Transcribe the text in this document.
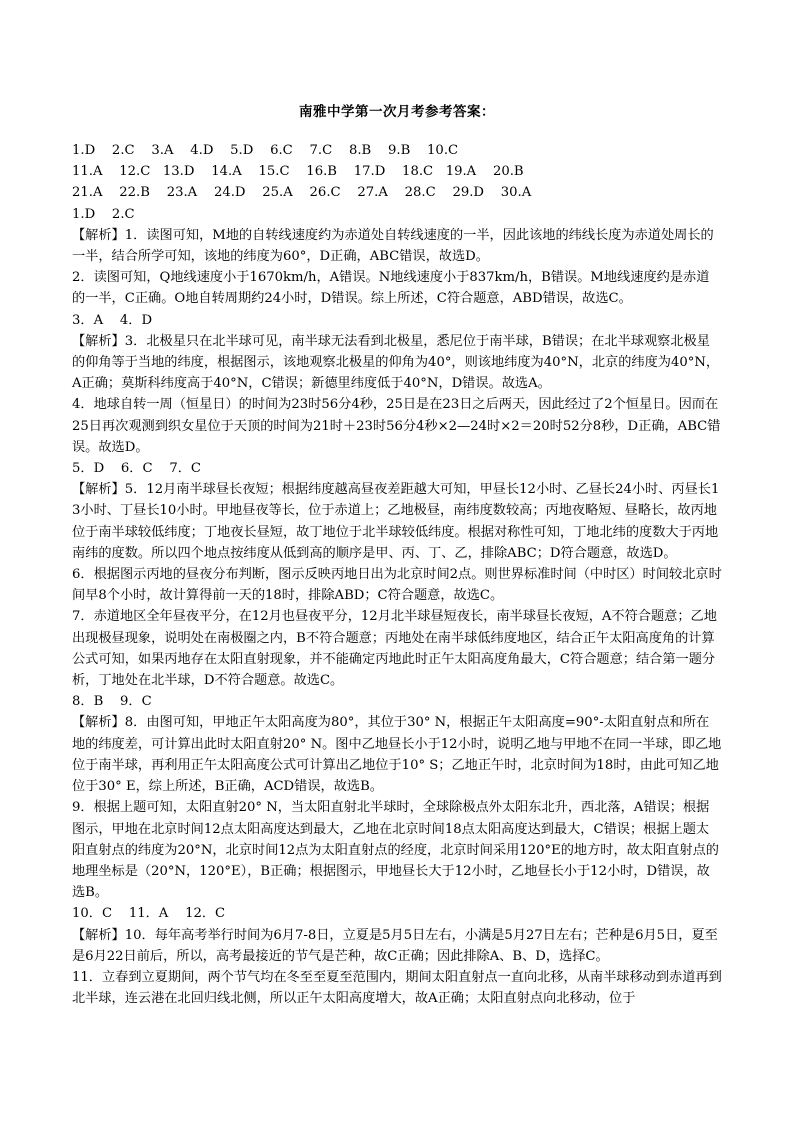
南雅中学第一次月考参考答案：

1.D    2.C    3.A    4.D    5.D    6.C    7.C    8.B    9.B    10.C

11.A    12.C   13.D    14.A    15.C    16.B    17.D    18.C   19.A    20.B

21.A    22.B    23.A    24.D    25.A    26.C    27.A    28.C    29.D    30.A

1.D    2.C

【解析】1．读图可知，M地的自转线速度约为赤道处自转线速度的一半，因此该地的纬线长度为赤道处周长的一半，结合所学可知，该地的纬度为60°，D正确，ABC错误，故选D。

2．读图可知，Q地线速度小于1670km/h，A错误。N地线速度小于837km/h，B错误。M地线速度约是赤道的一半，C正确。O地自转周期约24小时，D错误。综上所述，C符合题意，ABD错误，故选C。

3．A    4．D

【解析】3．北极星只在北半球可见，南半球无法看到北极星，悉尼位于南半球，B错误；在北半球观察北极星的仰角等于当地的纬度，根据图示，该地观察北极星的仰角为40°，则该地纬度为40°N，北京的纬度为40°N，A正确；莫斯科纬度高于40°N，C错误；新德里纬度低于40°N，D错误。故选A。

4．地球自转一周（恒星日）的时间为23时56分4秒，25日是在23日之后两天，因此经过了2个恒星日。因而在25日再次观测到织女星位于天顶的时间为21时＋23时56分4秒×2—24时×2＝20时52分8秒，D正确，ABC错误。故选D。

5．D    6．C    7．C

【解析】5．12月南半球昼长夜短；根据纬度越高昼夜差距越大可知，甲昼长12小时、乙昼长24小时、丙昼长13小时、丁昼长10小时。甲地昼夜等长，位于赤道上；乙地极昼，南纬度数较高；丙地夜略短、昼略长，故丙地位于南半球较低纬度；丁地夜长昼短，故丁地位于北半球较低纬度。根据对称性可知，丁地北纬的度数大于丙地南纬的度数。所以四个地点按纬度从低到高的顺序是甲、丙、丁、乙，排除ABC；D符合题意，故选D。

6．根据图示丙地的昼夜分布判断，图示反映丙地日出为北京时间2点。则世界标准时间（中时区）时间较北京时间早8个小时，故计算得前一天的18时，排除ABD；C符合题意，故选C。

7．赤道地区全年昼夜平分，在12月也昼夜平分，12月北半球昼短夜长，南半球昼长夜短，A不符合题意；乙地出现极昼现象，说明处在南极圈之内，B不符合题意；丙地处在南半球低纬度地区，结合正午太阳高度角的计算公式可知，如果丙地存在太阳直射现象，并不能确定丙地此时正午太阳高度角最大，C符合题意；结合第一题分析，丁地处在北半球，D不符合题意。故选C。

8．B    9．C

【解析】8．由图可知，甲地正午太阳高度为80°，其位于30° N，根据正午太阳高度=90°-太阳直射点和所在地的纬度差，可计算出此时太阳直射20° N。图中乙地昼长小于12小时，说明乙地与甲地不在同一半球，即乙地位于南半球，再利用正午太阳高度公式可计算出乙地位于10° S；乙地正午时，北京时间为18时，由此可知乙地位于30° E，综上所述，B正确，ACD错误，故选B。

9．根据上题可知，太阳直射20° N，当太阳直射北半球时，全球除极点外太阳东北升，西北落，A错误；根据图示，甲地在北京时间12点太阳高度达到最大，乙地在北京时间18点太阳高度达到最大，C错误；根据上题太阳直射点的纬度为20°N，北京时间12点为太阳直射点的经度，北京时间采用120°E的地方时，故太阳直射点的地理坐标是（20°N，120°E），B正确；根据图示，甲地昼长大于12小时，乙地昼长小于12小时，D错误，故选B。

10．C    11．A    12．C

【解析】10．每年高考举行时间为6月7-8日，立夏是5月5日左右，小满是5月27日左右；芒种是6月5日，夏至是6月22日前后，所以，高考最接近的节气是芒种，故C正确；因此排除A、B、D，选择C。

11．立春到立夏期间，两个节气均在冬至至夏至范围内，期间太阳直射点一直向北移，从南半球移动到赤道再到北半球，连云港在北回归线北侧，所以正午太阳高度增大，故A正确；太阳直射点向北移动，位于
